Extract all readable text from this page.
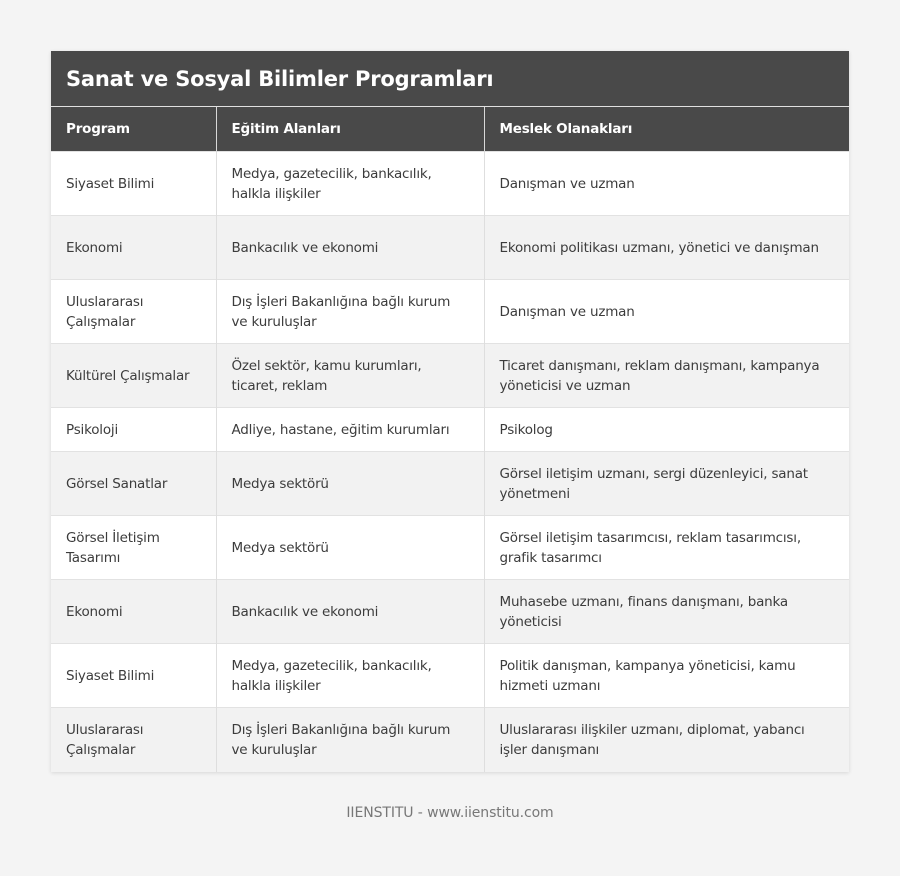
Sanat ve Sosyal Bilimler Programları
Program	Eğitim Alanları	Meslek Olanakları
Siyaset Bilimi	Medya, gazetecilik, bankacılık, halkla ilişkiler	Danışman ve uzman
Ekonomi	Bankacılık ve ekonomi	Ekonomi politikası uzmanı, yönetici ve danışman
Uluslararası Çalışmalar	Dış İşleri Bakanlığına bağlı kurum ve kuruluşlar	Danışman ve uzman
Kültürel Çalışmalar	Özel sektör, kamu kurumları, ticaret, reklam	Ticaret danışmanı, reklam danışmanı, kampanya yöneticisi ve uzman
Psikoloji	Adliye, hastane, eğitim kurumları	Psikolog
Görsel Sanatlar	Medya sektörü	Görsel iletişim uzmanı, sergi düzenleyici, sanat yönetmeni
Görsel İletişim Tasarımı	Medya sektörü	Görsel iletişim tasarımcısı, reklam tasarımcısı, grafik tasarımcı
Ekonomi	Bankacılık ve ekonomi	Muhasebe uzmanı, finans danışmanı, banka yöneticisi
Siyaset Bilimi	Medya, gazetecilik, bankacılık, halkla ilişkiler	Politik danışman, kampanya yöneticisi, kamu hizmeti uzmanı
Uluslararası Çalışmalar	Dış İşleri Bakanlığına bağlı kurum ve kuruluşlar	Uluslararası ilişkiler uzmanı, diplomat, yabancı işler danışmanı
IIENSTITU - www.iienstitu.com
